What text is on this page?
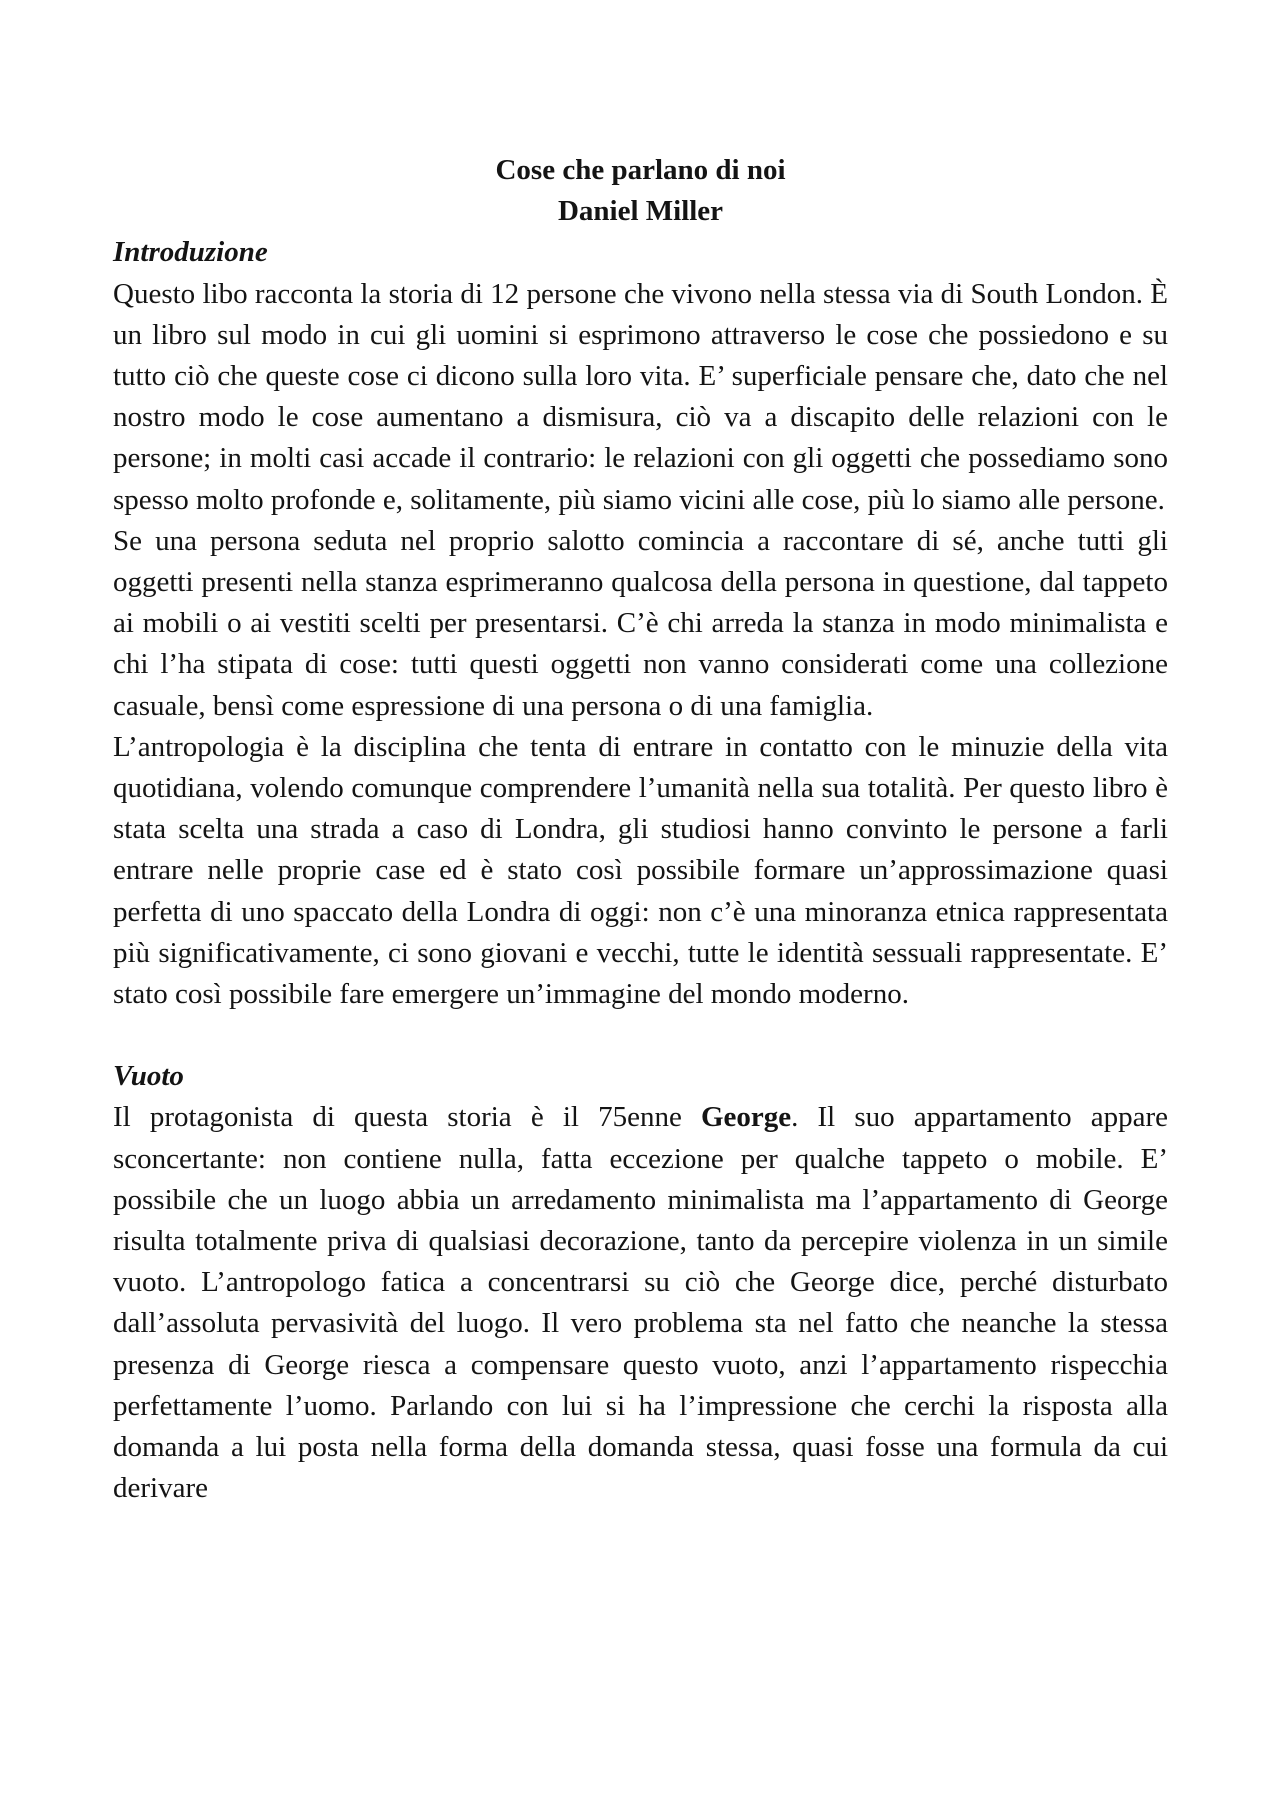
Cose che parlano di noi

Daniel Miller

Introduzione

Questo libo racconta la storia di 12 persone che vivono nella stessa via di South London. È un libro sul modo in cui gli uomini si esprimono attraverso le cose che possiedono e su tutto ciò che queste cose ci dicono sulla loro vita. E’ superficiale pensare che, dato che nel nostro modo le cose aumentano a dismisura, ciò va a discapito delle relazioni con le persone; in molti casi accade il contrario: le relazioni con gli oggetti che possediamo sono spesso molto profonde e, solitamente, più siamo vicini alle cose, più lo siamo alle persone.

Se una persona seduta nel proprio salotto comincia a raccontare di sé, anche tutti gli oggetti presenti nella stanza esprimeranno qualcosa della persona in questione, dal tappeto ai mobili o ai vestiti scelti per presentarsi. C’è chi arreda la stanza in modo minimalista e chi l’ha stipata di cose: tutti questi oggetti non vanno considerati come una collezione casuale, bensì come espressione di una persona o di una famiglia.

L’antropologia è la disciplina che tenta di entrare in contatto con le minuzie della vita quotidiana, volendo comunque comprendere l’umanità nella sua totalità. Per questo libro è stata scelta una strada a caso di Londra, gli studiosi hanno convinto le persone a farli entrare nelle proprie case ed è stato così possibile formare un’approssimazione quasi perfetta di uno spaccato della Londra di oggi: non c’è una minoranza etnica rappresentata più significativamente, ci sono giovani e vecchi, tutte le identità sessuali rappresentate. E’ stato così possibile fare emergere un’immagine del mondo moderno.

Vuoto

Il protagonista di questa storia è il 75enne George. Il suo appartamento appare sconcertante: non contiene nulla, fatta eccezione per qualche tappeto o mobile. E’ possibile che un luogo abbia un arredamento minimalista ma l’appartamento di George risulta totalmente priva di qualsiasi decorazione, tanto da percepire violenza in un simile vuoto. L’antropologo fatica a concentrarsi su ciò che George dice, perché disturbato dall’assoluta pervasività del luogo. Il vero problema sta nel fatto che neanche la stessa presenza di George riesca a compensare questo vuoto, anzi l’appartamento rispecchia perfettamente l’uomo. Parlando con lui si ha l’impressione che cerchi la risposta alla domanda a lui posta nella forma della domanda stessa, quasi fosse una formula da cui derivare
